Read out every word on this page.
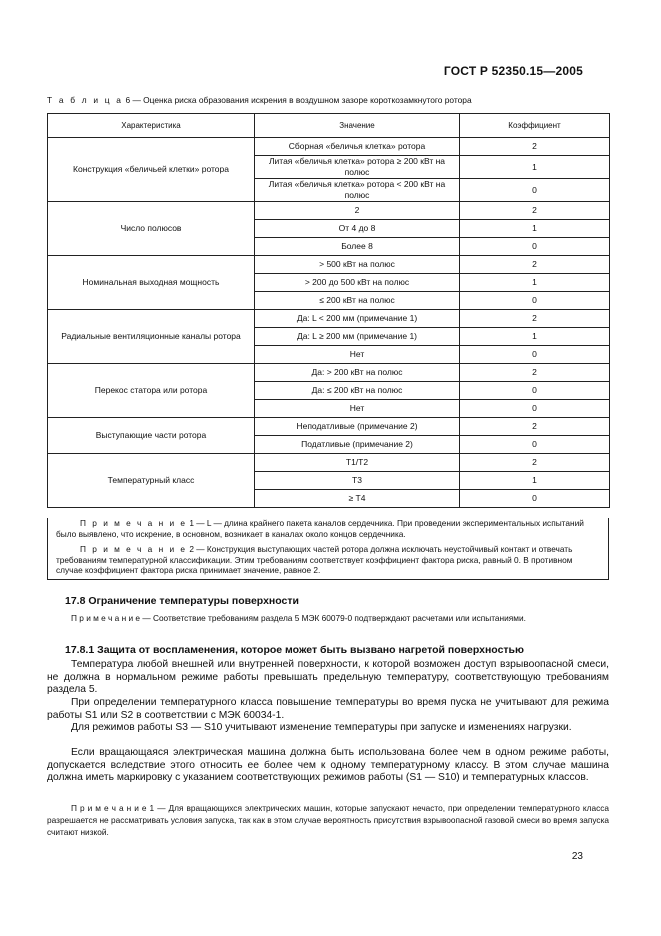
ГОСТ Р 52350.15—2005
Т а б л и ц а 6 — Оценка риска образования искрения в воздушном зазоре короткозамкнутого ротора
Характеристика	Значение	Коэффициент
Конструкция «беличьей клетки» ротора	Сборная «беличья клетка» ротора	2
	Литая «беличья клетка» ротора ≥ 200 кВт на полюс	1
	Литая «беличья клетка» ротора < 200 кВт на полюс	0
Число полюсов	2	2
	От 4 до 8	1
	Более 8	0
Номинальная выходная мощность	> 500 кВт на полюс	2
	> 200 до 500 кВт на полюс	1
	≤ 200 кВт на полюс	0
Радиальные вентиляционные каналы ротора	Да: L < 200 мм (примечание 1)	2
	Да: L ≥ 200 мм (примечание 1)	1
	Нет	0
Перекос статора или ротора	Да: > 200 кВт на полюс	2
	Да: ≤ 200 кВт на полюс	0
	Нет	0
Выступающие части ротора	Неподатливые (примечание 2)	2
	Податливые (примечание 2)	0
Температурный класс	Т1/Т2	2
	Т3	1
	≥ Т4	0

П р и м е ч а н и е 1 — L — длина крайнего пакета каналов сердечника. При проведении экспериментальных испытаний было выявлено, что искрение, в основном, возникает в каналах около концов сердечника.

П р и м е ч а н и е 2 — Конструкция выступающих частей ротора должна исключать неустойчивый контакт и отвечать требованиям температурной классификации. Этим требованиям соответствует коэффициент фактора риска, равный 0. В противном случае коэффициент фактора риска принимает значение, равное 2.

17.8 Ограничение температуры поверхности
П р и м е ч а н и е — Соответствие требованиям раздела 5 МЭК 60079-0 подтверждают расчетами или испытаниями.
17.8.1 Защита от воспламенения, которое может быть вызвано нагретой поверхностью
Температура любой внешней или внутренней поверхности, к которой возможен доступ взрывоопасной смеси, не должна в нормальном режиме работы превышать предельную температуру, соответствующую требованиям раздела 5.
При определении температурного класса повышение температуры во время пуска не учитывают для режима работы S1 или S2 в соответствии с МЭК 60034-1.
Для режимов работы S3 — S10 учитывают изменение температуры при запуске и изменениях нагрузки.
Если вращающаяся электрическая машина должна быть использована более чем в одном режиме работы, допускается вследствие этого относить ее более чем к одному температурному классу. В этом случае машина должна иметь маркировку с указанием соответствующих режимов работы (S1 — S10) и температурных классов.
П р и м е ч а н и е 1 — Для вращающихся электрических машин, которые запускают нечасто, при определении температурного класса разрешается не рассматривать условия запуска, так как в этом случае вероятность присутствия взрывоопасной газовой смеси во время запуска считают низкой.
23
